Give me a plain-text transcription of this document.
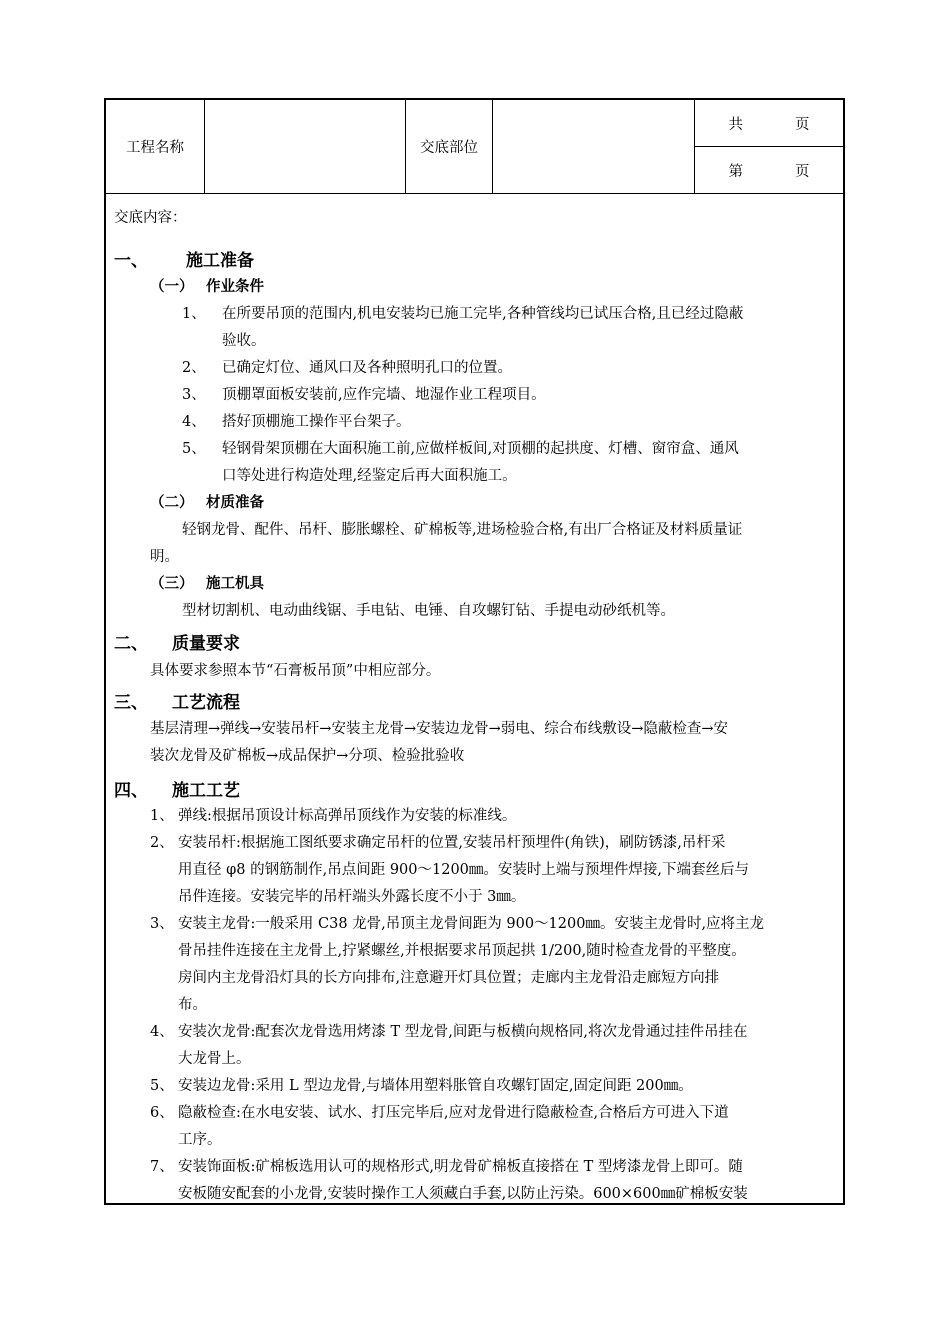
工程名称	交底部位
共	页
第	页
交底内容：
一、 施工准备
（一） 作业条件
1、 在所要吊顶的范围内,机电安装均已施工完毕,各种管线均已试压合格,且已经过隐蔽
验收。
2、 已确定灯位、通风口及各种照明孔口的位置。
3、 顶棚罩面板安装前,应作完墙、地湿作业工程项目。
4、 搭好顶棚施工操作平台架子。
5、 轻钢骨架顶棚在大面积施工前,应做样板间,对顶棚的起拱度、灯槽、窗帘盒、通风
口等处进行构造处理,经鉴定后再大面积施工。
（二） 材质准备
轻钢龙骨、配件、吊杆、膨胀螺栓、矿棉板等,进场检验合格,有出厂合格证及材料质量证
明。
（三） 施工机具
型材切割机、电动曲线锯、手电钻、电锤、自攻螺钉钻、手提电动砂纸机等。
二、 质量要求
具体要求参照本节“石膏板吊顶”中相应部分。
三、 工艺流程
基层清理→弹线→安装吊杆→安装主龙骨→安装边龙骨→弱电、综合布线敷设→隐蔽检查→安
装次龙骨及矿棉板→成品保护→分项、检验批验收
四、 施工工艺
1、 弹线:根据吊顶设计标高弹吊顶线作为安装的标准线。
2、 安装吊杆:根据施工图纸要求确定吊杆的位置,安装吊杆预埋件(角铁)，刷防锈漆,吊杆采
用直径 φ8 的钢筋制作,吊点间距 900～1200㎜。安装时上端与预埋件焊接,下端套丝后与
吊件连接。安装完毕的吊杆端头外露长度不小于 3㎜。
3、 安装主龙骨:一般采用 C38 龙骨,吊顶主龙骨间距为 900～1200㎜。安装主龙骨时,应将主龙
骨吊挂件连接在主龙骨上,拧紧螺丝,并根据要求吊顶起拱 1/200,随时检查龙骨的平整度。
房间内主龙骨沿灯具的长方向排布,注意避开灯具位置；走廊内主龙骨沿走廊短方向排
布。
4、 安装次龙骨:配套次龙骨选用烤漆 T 型龙骨,间距与板横向规格同,将次龙骨通过挂件吊挂在
大龙骨上。
5、 安装边龙骨:采用 L 型边龙骨,与墙体用塑料胀管自攻螺钉固定,固定间距 200㎜。
6、 隐蔽检查:在水电安装、试水、打压完毕后,应对龙骨进行隐蔽检查,合格后方可进入下道
工序。
7、 安装饰面板:矿棉板选用认可的规格形式,明龙骨矿棉板直接搭在 T 型烤漆龙骨上即可。随
安板随安配套的小龙骨,安装时操作工人须藏白手套,以防止污染。600×600㎜矿棉板安装
